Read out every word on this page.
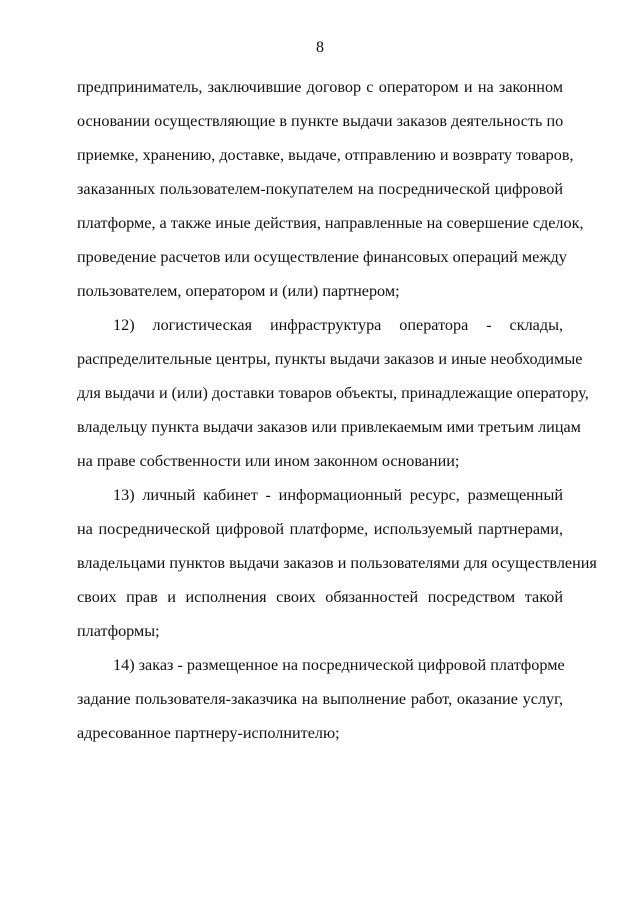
8
предприниматель, заключившие договор с оператором и на законном
основании осуществляющие в пункте выдачи заказов деятельность по
приемке, хранению, доставке, выдаче, отправлению и возврату товаров,
заказанных пользователем-покупателем на посреднической цифровой
платформе, а также иные действия, направленные на совершение сделок,
проведение расчетов или осуществление финансовых операций между
пользователем, оператором и (или) партнером;
12) логистическая инфраструктура оператора - склады,
распределительные центры, пункты выдачи заказов и иные необходимые
для выдачи и (или) доставки товаров объекты, принадлежащие оператору,
владельцу пункта выдачи заказов или привлекаемым ими третьим лицам
на праве собственности или ином законном основании;
13) личный кабинет - информационный ресурс, размещенный
на посреднической цифровой платформе, используемый партнерами,
владельцами пунктов выдачи заказов и пользователями для осуществления
своих прав и исполнения своих обязанностей посредством такой
платформы;
14) заказ - размещенное на посреднической цифровой платформе
задание пользователя-заказчика на выполнение работ, оказание услуг,
адресованное партнеру-исполнителю;
